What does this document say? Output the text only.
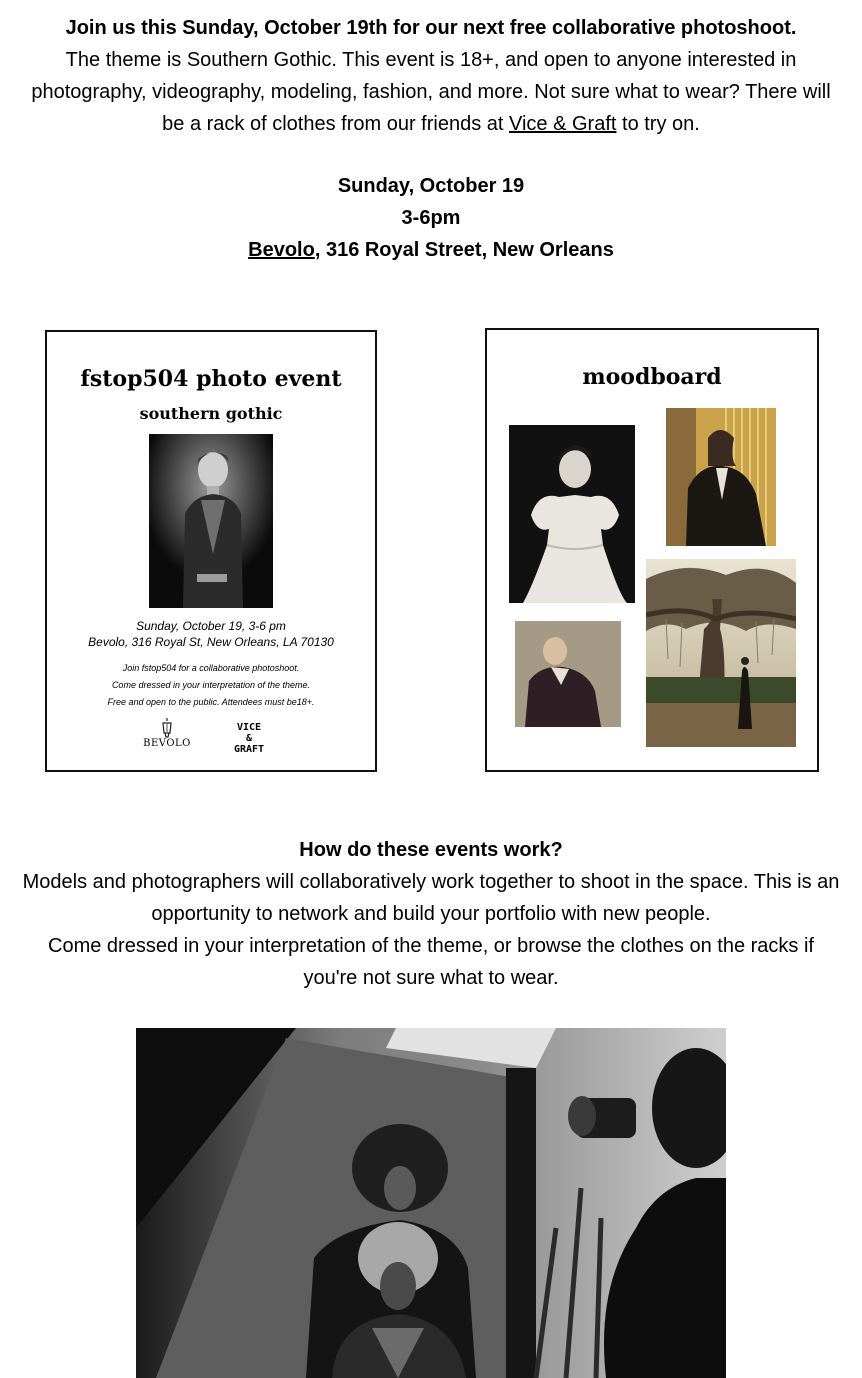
Join us this Sunday, October 19th for our next free collaborative photoshoot.
The theme is Southern Gothic. This event is 18+, and open to anyone interested in photography, videography, modeling, fashion, and more. Not sure what to wear? There will be a rack of clothes from our friends at Vice & Graft to try on.
Sunday, October 19
3-6pm
Bevolo, 316 Royal Street, New Orleans
fstop504 photo event
southern gothic
Sunday, October 19, 3-6 pm
Bevolo, 316 Royal St, New Orleans, LA 70130
Join fstop504 for a collaborative photoshoot.
Come dressed in your interpretation of the theme.
Free and open to the public. Attendees must be18+.
BEVOLO
VICE
&
GRAFT
moodboard
How do these events work?
Models and photographers will collaboratively work together to shoot in the space. This is an opportunity to network and build your portfolio with new people.
Come dressed in your interpretation of the theme, or browse the clothes on the racks if you're not sure what to wear.
